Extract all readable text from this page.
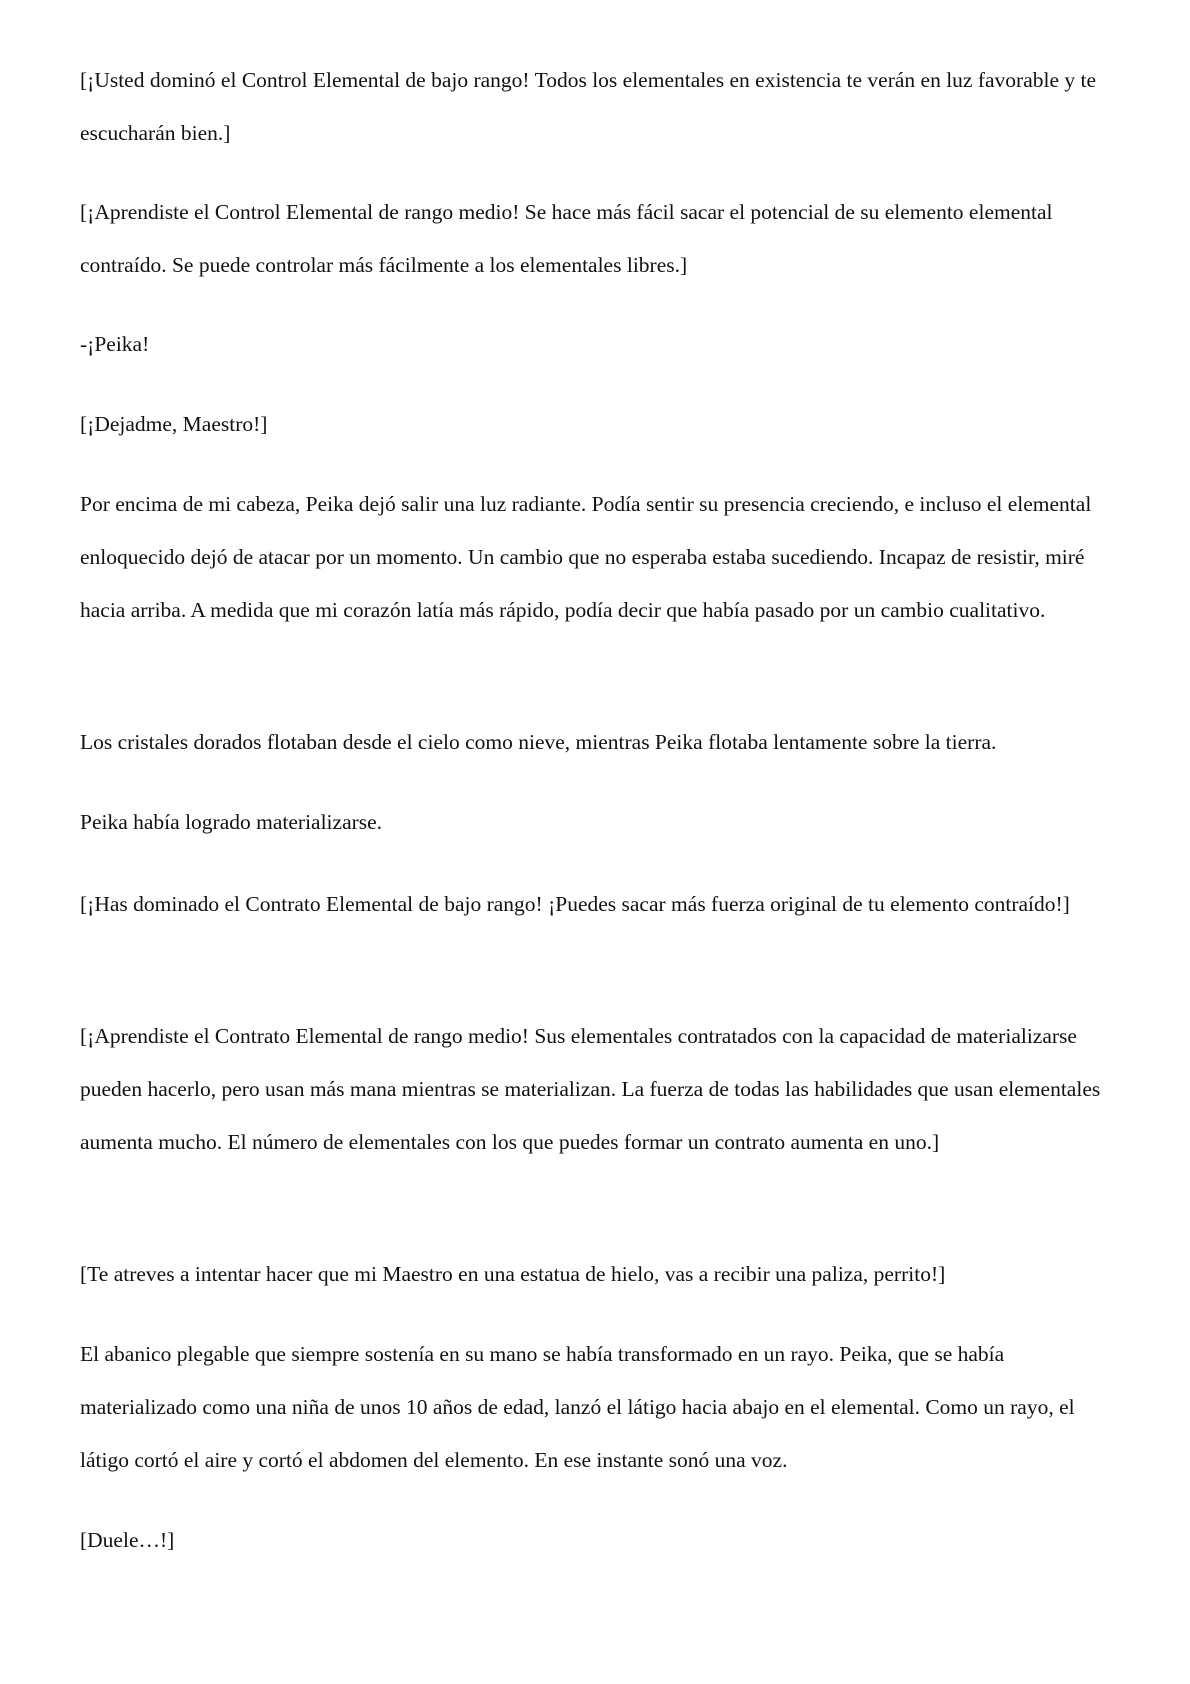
[¡Usted dominó el Control Elemental de bajo rango! Todos los elementales en existencia te verán en luz favorable y te escucharán bien.]

[¡Aprendiste el Control Elemental de rango medio! Se hace más fácil sacar el potencial de su elemento elemental contraído. Se puede controlar más fácilmente a los elementales libres.]

-¡Peika!

[¡Dejadme, Maestro!]

Por encima de mi cabeza, Peika dejó salir una luz radiante. Podía sentir su presencia creciendo, e incluso el elemental enloquecido dejó de atacar por un momento. Un cambio que no esperaba estaba sucediendo. Incapaz de resistir, miré hacia arriba. A medida que mi corazón latía más rápido, podía decir que había pasado por un cambio cualitativo.

Los cristales dorados flotaban desde el cielo como nieve, mientras Peika flotaba lentamente sobre la tierra.

Peika había logrado materializarse.

[¡Has dominado el Contrato Elemental de bajo rango! ¡Puedes sacar más fuerza original de tu elemento contraído!]

[¡Aprendiste el Contrato Elemental de rango medio! Sus elementales contratados con la capacidad de materializarse pueden hacerlo, pero usan más mana mientras se materializan. La fuerza de todas las habilidades que usan elementales aumenta mucho. El número de elementales con los que puedes formar un contrato aumenta en uno.]

[Te atreves a intentar hacer que mi Maestro en una estatua de hielo, vas a recibir una paliza, perrito!]

El abanico plegable que siempre sostenía en su mano se había transformado en un rayo. Peika, que se había materializado como una niña de unos 10 años de edad, lanzó el látigo hacia abajo en el elemental. Como un rayo, el látigo cortó el aire y cortó el abdomen del elemento. En ese instante sonó una voz.

[Duele…!]
